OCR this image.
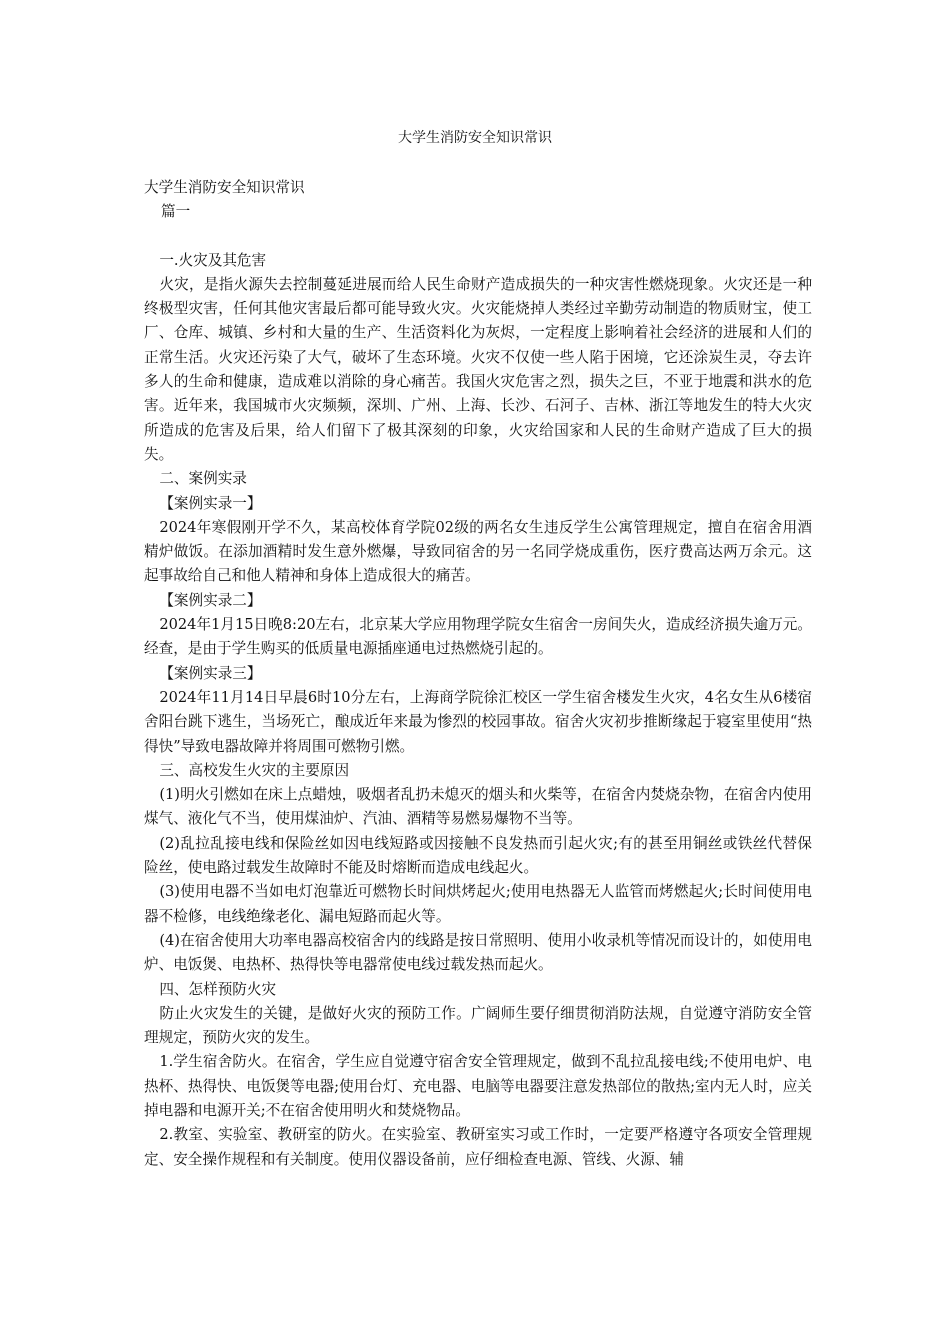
大学生消防安全知识常识

大学生消防安全知识常识

篇一

一.火灾及其危害

火灾，是指火源失去控制蔓延进展而给人民生命财产造成损失的一种灾害性燃烧现象。火灾还是一种终极型灾害，任何其他灾害最后都可能导致火灾。火灾能烧掉人类经过辛勤劳动制造的物质财宝，使工厂、仓库、城镇、乡村和大量的生产、生活资料化为灰烬，一定程度上影响着社会经济的进展和人们的正常生活。火灾还污染了大气，破坏了生态环境。火灾不仅使一些人陷于困境，它还涂炭生灵，夺去许多人的生命和健康，造成难以消除的身心痛苦。我国火灾危害之烈，损失之巨，不亚于地震和洪水的危害。近年来，我国城市火灾频频，深圳、广州、上海、长沙、石河子、吉林、浙江等地发生的特大火灾所造成的危害及后果，给人们留下了极其深刻的印象，火灾给国家和人民的生命财产造成了巨大的损失。

二、案例实录

【案例实录一】

2024年寒假刚开学不久，某高校体育学院02级的两名女生违反学生公寓管理规定，擅自在宿舍用酒精炉做饭。在添加酒精时发生意外燃爆，导致同宿舍的另一名同学烧成重伤，医疗费高达两万余元。这起事故给自己和他人精神和身体上造成很大的痛苦。

【案例实录二】

2024年1月15日晚8:20左右，北京某大学应用物理学院女生宿舍一房间失火，造成经济损失逾万元。经查，是由于学生购买的低质量电源插座通电过热燃烧引起的。

【案例实录三】

2024年11月14日早晨6时10分左右，上海商学院徐汇校区一学生宿舍楼发生火灾，4名女生从6楼宿舍阳台跳下逃生，当场死亡，酿成近年来最为惨烈的校园事故。宿舍火灾初步推断缘起于寝室里使用“热得快”导致电器故障并将周围可燃物引燃。

三、高校发生火灾的主要原因

(1)明火引燃如在床上点蜡烛，吸烟者乱扔未熄灭的烟头和火柴等，在宿舍内焚烧杂物，在宿舍内使用煤气、液化气不当，使用煤油炉、汽油、酒精等易燃易爆物不当等。

(2)乱拉乱接电线和保险丝如因电线短路或因接触不良发热而引起火灾;有的甚至用铜丝或铁丝代替保险丝，使电路过载发生故障时不能及时熔断而造成电线起火。

(3)使用电器不当如电灯泡靠近可燃物长时间烘烤起火;使用电热器无人监管而烤燃起火;长时间使用电器不检修，电线绝缘老化、漏电短路而起火等。

(4)在宿舍使用大功率电器高校宿舍内的线路是按日常照明、使用小收录机等情况而设计的，如使用电炉、电饭煲、电热杯、热得快等电器常使电线过载发热而起火。

四、怎样预防火灾

防止火灾发生的关键，是做好火灾的预防工作。广阔师生要仔细贯彻消防法规，自觉遵守消防安全管理规定，预防火灾的发生。

1.学生宿舍防火。在宿舍，学生应自觉遵守宿舍安全管理规定，做到不乱拉乱接电线;不使用电炉、电热杯、热得快、电饭煲等电器;使用台灯、充电器、电脑等电器要注意发热部位的散热;室内无人时，应关掉电器和电源开关;不在宿舍使用明火和焚烧物品。

2.教室、实验室、教研室的防火。在实验室、教研室实习或工作时，一定要严格遵守各项安全管理规定、安全操作规程和有关制度。使用仪器设备前，应仔细检查电源、管线、火源、辅
